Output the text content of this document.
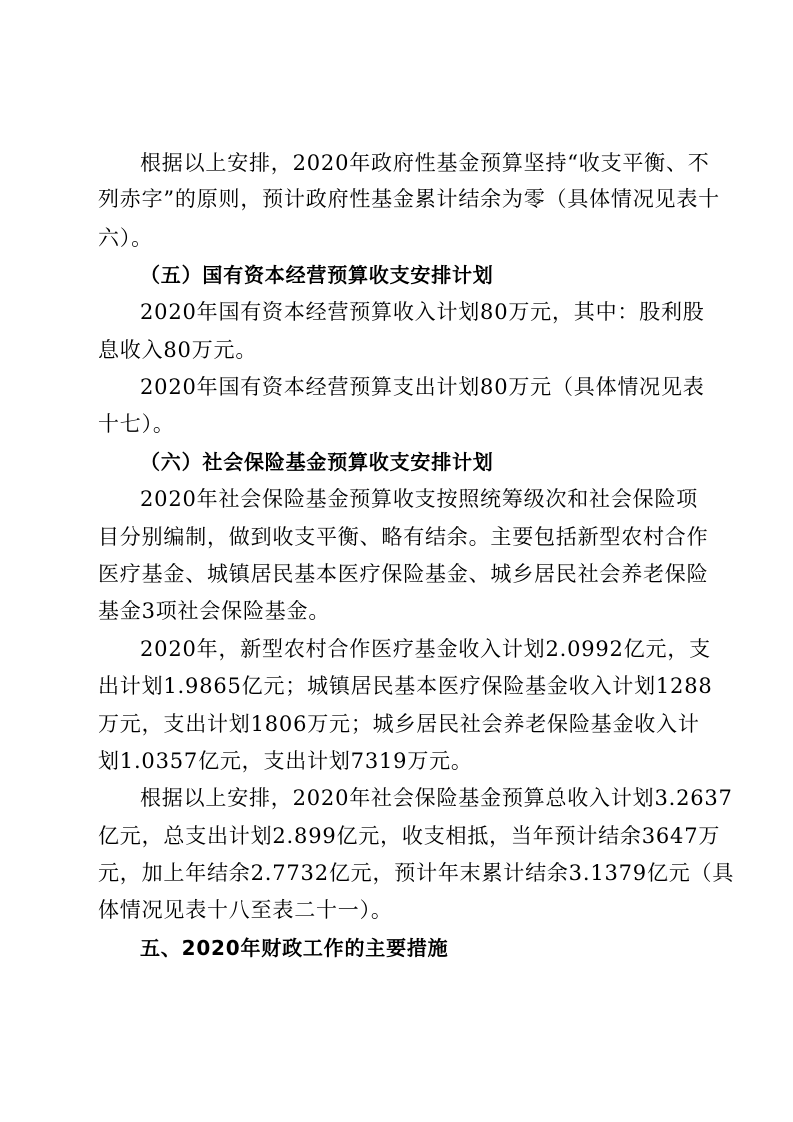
根据以上安排，2020年政府性基金预算坚持“收支平衡、不
列赤字”的原则，预计政府性基金累计结余为零（具体情况见表十
六）。
（五）国有资本经营预算收支安排计划
2020年国有资本经营预算收入计划80万元，其中：股利股
息收入80万元。
2020年国有资本经营预算支出计划80万元（具体情况见表
十七）。
（六）社会保险基金预算收支安排计划
2020年社会保险基金预算收支按照统筹级次和社会保险项
目分别编制，做到收支平衡、略有结余。主要包括新型农村合作
医疗基金、城镇居民基本医疗保险基金、城乡居民社会养老保险
基金3项社会保险基金。
2020年，新型农村合作医疗基金收入计划2.0992亿元，支
出计划1.9865亿元；城镇居民基本医疗保险基金收入计划1288
万元，支出计划1806万元；城乡居民社会养老保险基金收入计
划1.0357亿元，支出计划7319万元。
根据以上安排，2020年社会保险基金预算总收入计划3.2637
亿元，总支出计划2.899亿元，收支相抵，当年预计结余3647万
元，加上年结余2.7732亿元，预计年末累计结余3.1379亿元（具
体情况见表十八至表二十一）。
五、2020年财政工作的主要措施
